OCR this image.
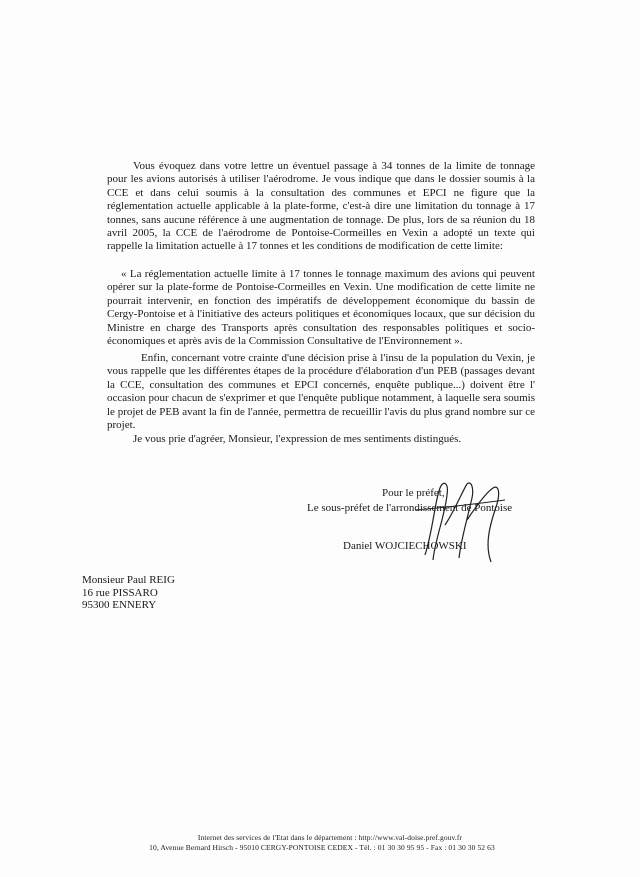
Vous évoquez dans votre lettre un éventuel passage à 34 tonnes de la limite de tonnage pour les avions autorisés à utiliser l'aérodrome. Je vous indique que dans le dossier soumis à la CCE et dans celui soumis à la consultation des communes et EPCI ne figure que la réglementation actuelle applicable à la plate-forme, c'est-à dire une limitation du tonnage à 17 tonnes, sans aucune référence à une augmentation de tonnage. De plus, lors de sa réunion du 18 avril 2005, la CCE de l'aérodrome de Pontoise-Cormeilles en Vexin a adopté un texte qui rappelle la limitation actuelle à 17 tonnes et les conditions de modification de cette limite:

« La réglementation actuelle limite à 17 tonnes le tonnage maximum des avions qui peuvent opérer sur la plate-forme de Pontoise-Cormeilles en Vexin. Une modification de cette limite ne pourrait intervenir, en fonction des impératifs de développement économique du bassin de Cergy-Pontoise et à l'initiative des acteurs politiques et économiques locaux, que sur décision du Ministre en charge des Transports après consultation des responsables politiques et socio-économiques et après avis de la Commission Consultative de l'Environnement ».

Enfin, concernant votre crainte d'une décision prise à l'insu de la population du Vexin, je vous rappelle que les différentes étapes de la procédure d'élaboration d'un PEB (passages devant la CCE, consultation des communes et EPCI concernés, enquête publique...) doivent être l' occasion pour chacun de s'exprimer et que l'enquête publique notamment, à laquelle sera soumis le projet de PEB avant la fin de l'année, permettra de recueillir l'avis du plus grand nombre sur ce projet.

Je vous prie d'agréer, Monsieur, l'expression de mes sentiments distingués.

Pour le préfet,
Le sous-préfet de l'arrondissement de Pontoise
Daniel WOJCIECHOWSKI
Monsieur Paul REIG
16 rue PISSARO
95300 ENNERY
Internet des services de l'Etat dans le département : http://www.val-doise.pref.gouv.fr
10, Avenue Bernard Hirsch - 95010 CERGY-PONTOISE CEDEX - Tél. : 01 30 30 95 95 - Fax : 01 30 30 52 63
